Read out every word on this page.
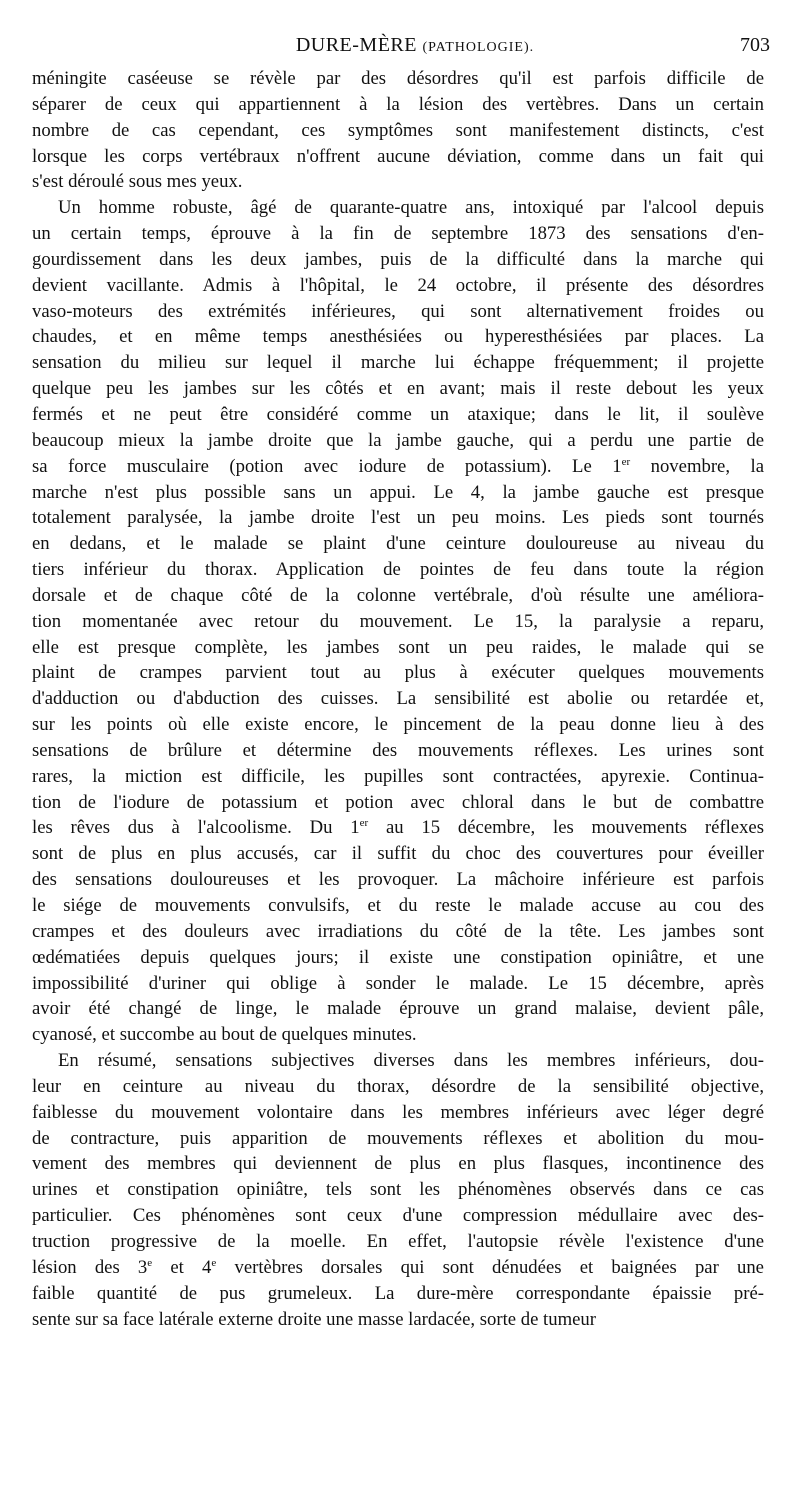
DURE-MÈRE (PATHOLOGIE).	703
méningite caséeuse se révèle par des désordres qu'il est parfois difficile de
séparer de ceux qui appartiennent à la lésion des vertèbres. Dans un certain
nombre de cas cependant, ces symptômes sont manifestement distincts, c'est
lorsque les corps vertébraux n'offrent aucune déviation, comme dans un fait qui
s'est déroulé sous mes yeux.
Un homme robuste, âgé de quarante-quatre ans, intoxiqué par l'alcool depuis
un certain temps, éprouve à la fin de septembre 1873 des sensations d'en-
gourdissement dans les deux jambes, puis de la difficulté dans la marche qui
devient vacillante. Admis à l'hôpital, le 24 octobre, il présente des désordres
vaso-moteurs des extrémités inférieures, qui sont alternativement froides ou
chaudes, et en même temps anesthésiées ou hyperesthésiées par places. La
sensation du milieu sur lequel il marche lui échappe fréquemment; il projette
quelque peu les jambes sur les côtés et en avant; mais il reste debout les yeux
fermés et ne peut être considéré comme un ataxique; dans le lit, il soulève
beaucoup mieux la jambe droite que la jambe gauche, qui a perdu une partie de
sa force musculaire (potion avec iodure de potassium). Le 1er novembre, la
marche n'est plus possible sans un appui. Le 4, la jambe gauche est presque
totalement paralysée, la jambe droite l'est un peu moins. Les pieds sont tournés
en dedans, et le malade se plaint d'une ceinture douloureuse au niveau du
tiers inférieur du thorax. Application de pointes de feu dans toute la région
dorsale et de chaque côté de la colonne vertébrale, d'où résulte une améliora-
tion momentanée avec retour du mouvement. Le 15, la paralysie a reparu,
elle est presque complète, les jambes sont un peu raides, le malade qui se
plaint de crampes parvient tout au plus à exécuter quelques mouvements
d'adduction ou d'abduction des cuisses. La sensibilité est abolie ou retardée et,
sur les points où elle existe encore, le pincement de la peau donne lieu à des
sensations de brûlure et détermine des mouvements réflexes. Les urines sont
rares, la miction est difficile, les pupilles sont contractées, apyrexie. Continua-
tion de l'iodure de potassium et potion avec chloral dans le but de combattre
les rêves dus à l'alcoolisme. Du 1er au 15 décembre, les mouvements réflexes
sont de plus en plus accusés, car il suffit du choc des couvertures pour éveiller
des sensations douloureuses et les provoquer. La mâchoire inférieure est parfois
le siége de mouvements convulsifs, et du reste le malade accuse au cou des
crampes et des douleurs avec irradiations du côté de la tête. Les jambes sont
œdématiées depuis quelques jours; il existe une constipation opiniâtre, et une
impossibilité d'uriner qui oblige à sonder le malade. Le 15 décembre, après
avoir été changé de linge, le malade éprouve un grand malaise, devient pâle,
cyanosé, et succombe au bout de quelques minutes.
En résumé, sensations subjectives diverses dans les membres inférieurs, dou-
leur en ceinture au niveau du thorax, désordre de la sensibilité objective,
faiblesse du mouvement volontaire dans les membres inférieurs avec léger degré
de contracture, puis apparition de mouvements réflexes et abolition du mou-
vement des membres qui deviennent de plus en plus flasques, incontinence des
urines et constipation opiniâtre, tels sont les phénomènes observés dans ce cas
particulier. Ces phénomènes sont ceux d'une compression médullaire avec des-
truction progressive de la moelle. En effet, l'autopsie révèle l'existence d'une
lésion des 3e et 4e vertèbres dorsales qui sont dénudées et baignées par une
faible quantité de pus grumeleux. La dure-mère correspondante épaissie pré-
sente sur sa face latérale externe droite une masse lardacée, sorte de tumeur
